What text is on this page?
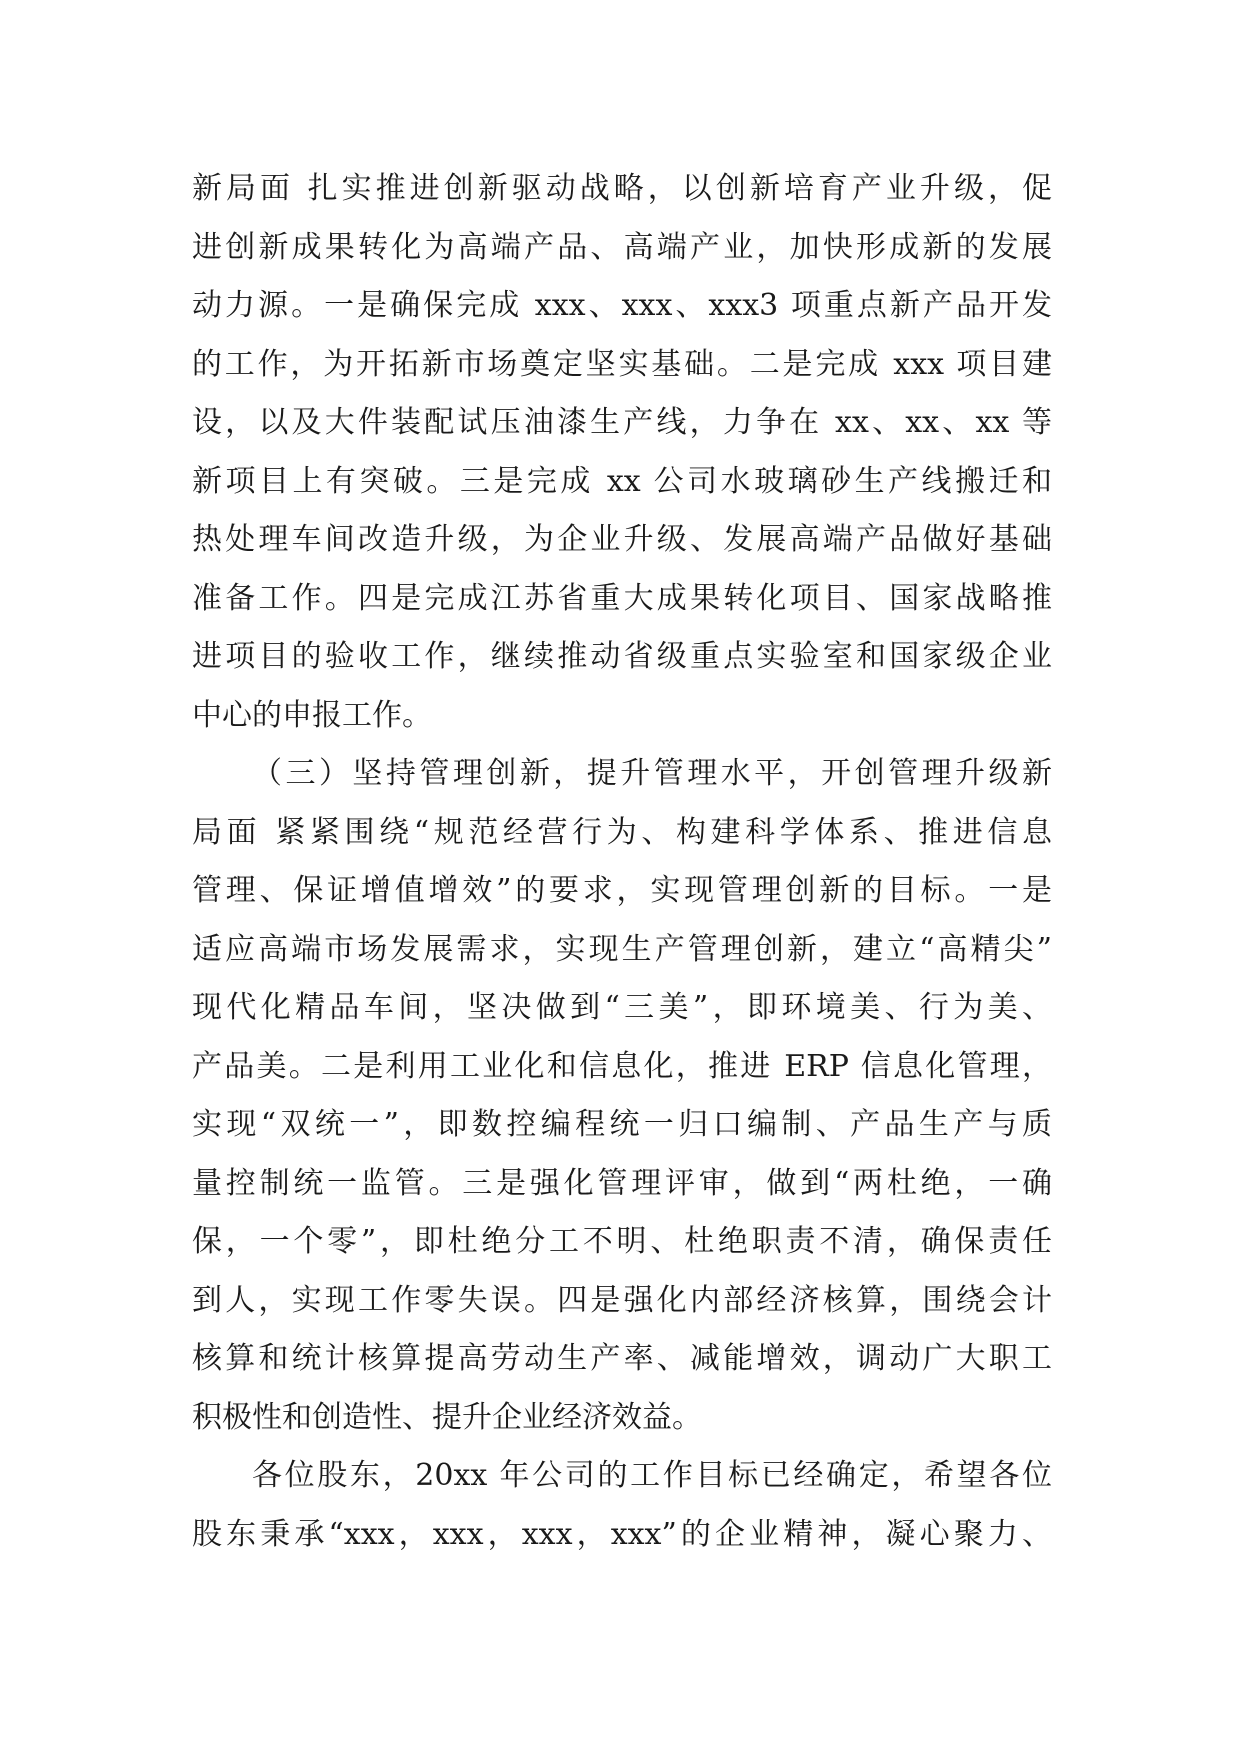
新局面 扎实推进创新驱动战略，以创新培育产业升级，促
进创新成果转化为高端产品、高端产业，加快形成新的发展
动力源。一是确保完成 xxx、xxx、xxx3 项重点新产品开发
的工作，为开拓新市场奠定坚实基础。二是完成 xxx 项目建
设，以及大件装配试压油漆生产线，力争在 xx、xx、xx 等
新项目上有突破。三是完成 xx 公司水玻璃砂生产线搬迁和
热处理车间改造升级，为企业升级、发展高端产品做好基础
准备工作。四是完成江苏省重大成果转化项目、国家战略推
进项目的验收工作，继续推动省级重点实验室和国家级企业
中心的申报工作。
（三）坚持管理创新，提升管理水平，开创管理升级新
局面 紧紧围绕“规范经营行为、构建科学体系、推进信息
管理、保证增值增效”的要求，实现管理创新的目标。一是
适应高端市场发展需求，实现生产管理创新，建立“高精尖”
现代化精品车间，坚决做到“三美”，即环境美、行为美、
产品美。二是利用工业化和信息化，推进 ERP 信息化管理，
实现“双统一”，即数控编程统一归口编制、产品生产与质
量控制统一监管。三是强化管理评审，做到“两杜绝，一确
保，一个零”，即杜绝分工不明、杜绝职责不清，确保责任
到人，实现工作零失误。四是强化内部经济核算，围绕会计
核算和统计核算提高劳动生产率、减能增效，调动广大职工
积极性和创造性、提升企业经济效益。
各位股东，20xx 年公司的工作目标已经确定，希望各位
股东秉承“xxx，xxx，xxx，xxx”的企业精神，凝心聚力、
